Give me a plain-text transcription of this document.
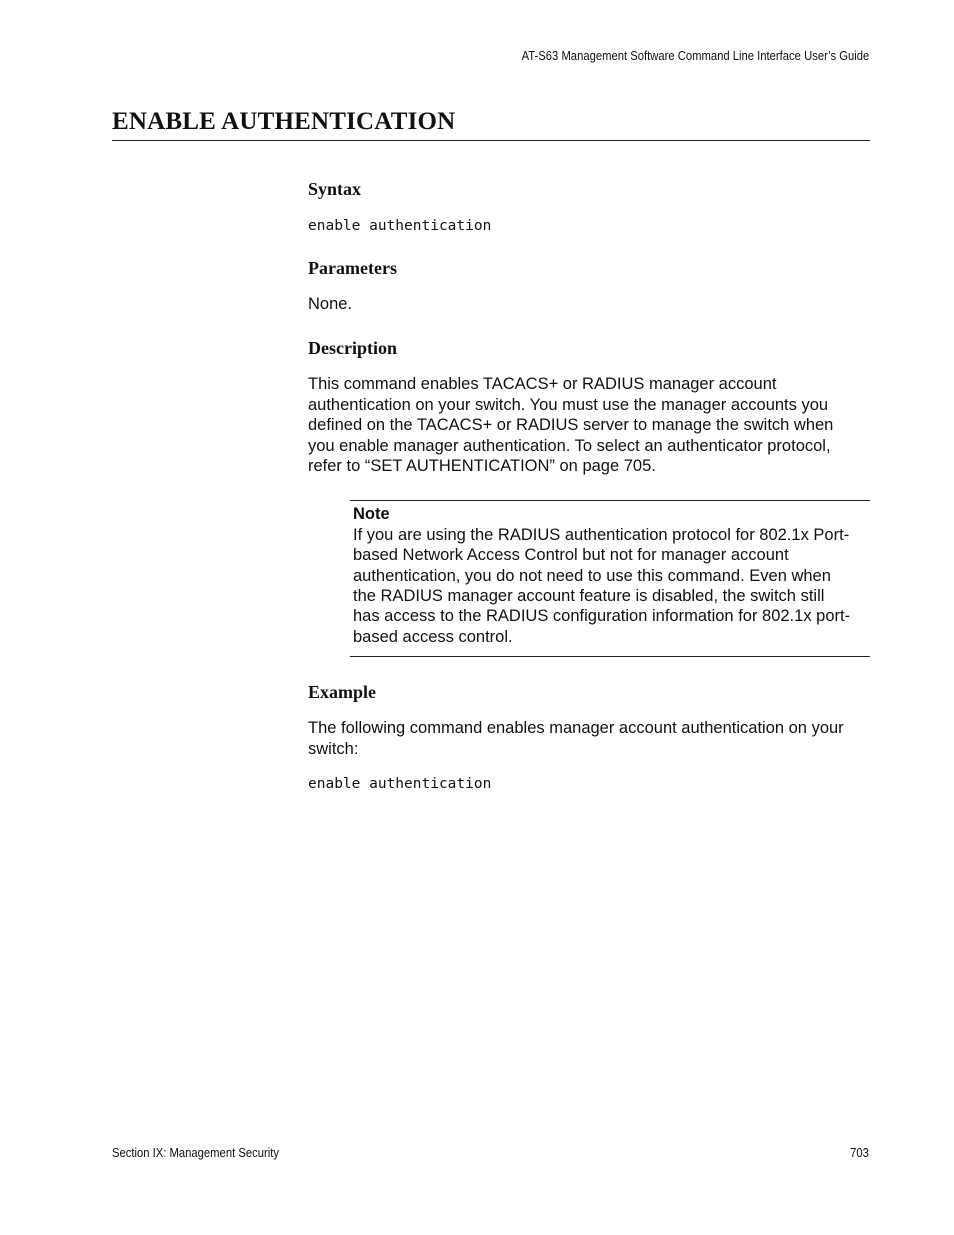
AT-S63 Management Software Command Line Interface User’s Guide
ENABLE AUTHENTICATION
Syntax

enable authentication

Parameters

None.

Description
This command enables TACACS+ or RADIUS manager account
authentication on your switch. You must use the manager accounts you
defined on the TACACS+ or RADIUS server to manage the switch when
you enable manager authentication. To select an authenticator protocol,
refer to “SET AUTHENTICATION” on page 705.
Note
If you are using the RADIUS authentication protocol for 802.1x Port-
based Network Access Control but not for manager account
authentication, you do not need to use this command. Even when
the RADIUS manager account feature is disabled, the switch still
has access to the RADIUS configuration information for 802.1x port-
based access control.
Example
The following command enables manager account authentication on your
switch:

enable authentication

Section IX: Management Security	703
